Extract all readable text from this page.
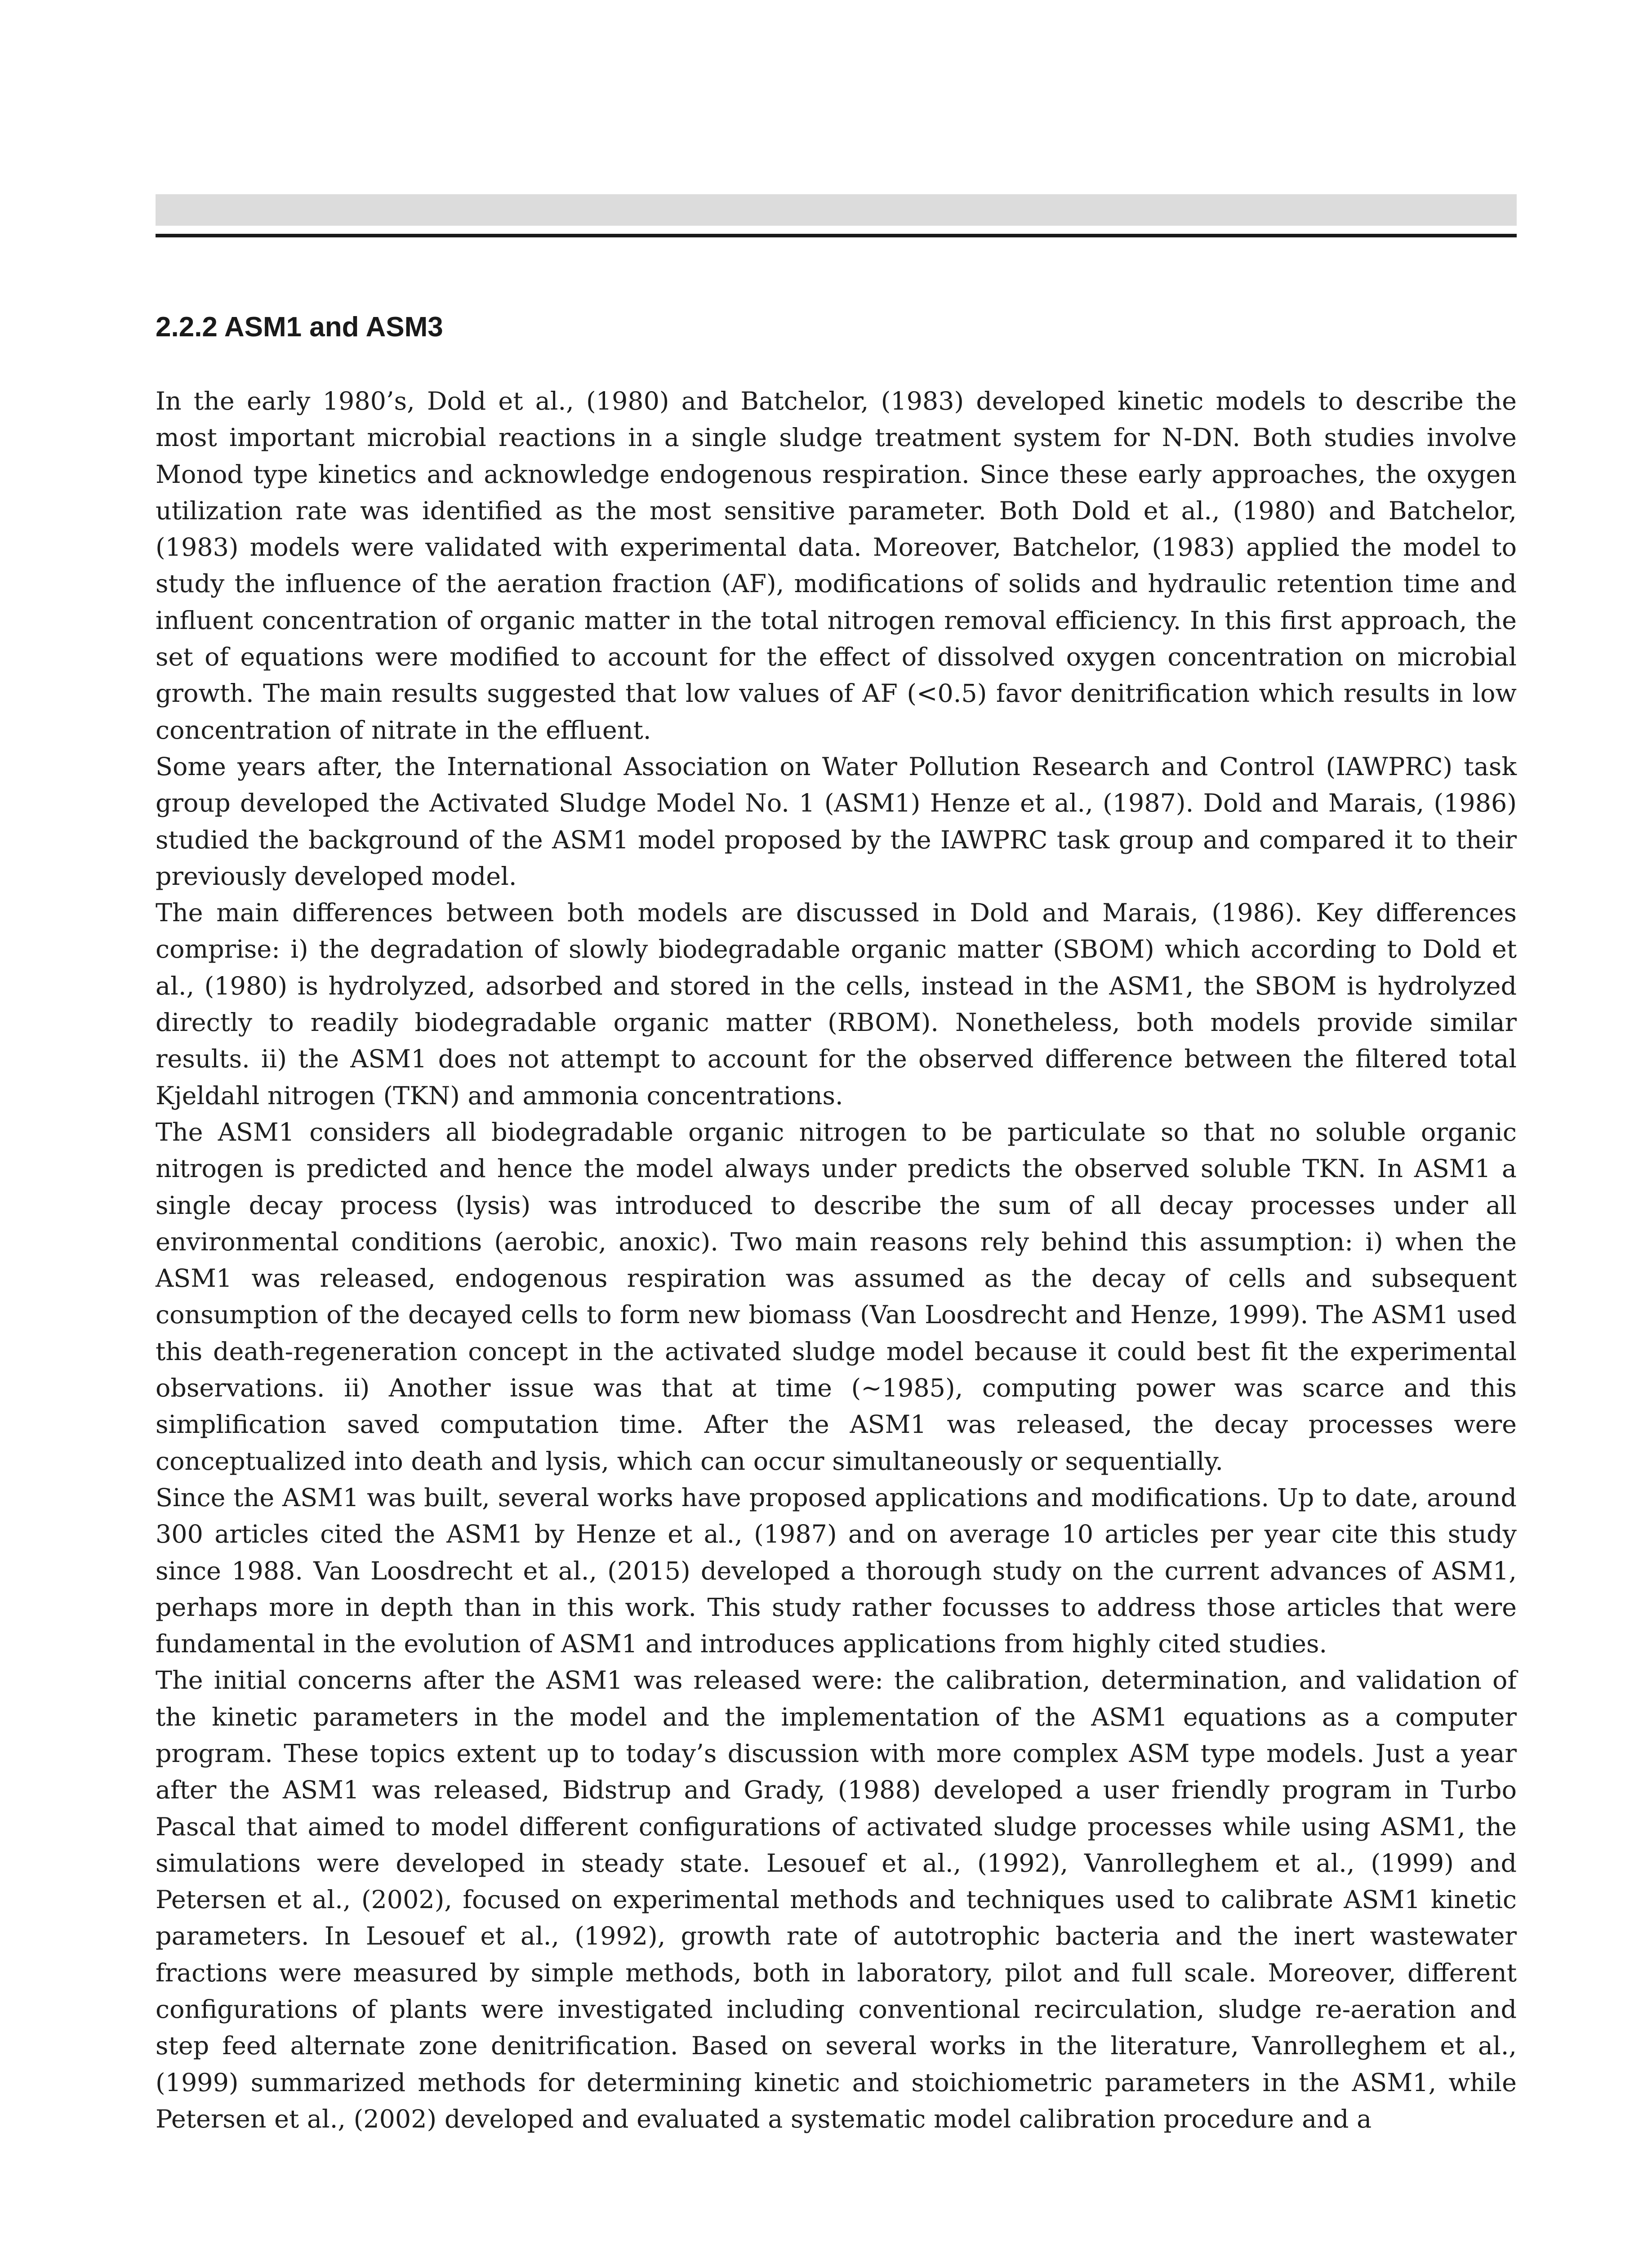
2.2.2 ASM1 and ASM3

In the early 1980’s, Dold et al., (1980) and Batchelor, (1983) developed kinetic models to describe the most important microbial reactions in a single sludge treatment system for N-DN. Both studies involve Monod type kinetics and acknowledge endogenous respiration. Since these early approaches, the oxygen utilization rate was identified as the most sensitive parameter. Both Dold et al., (1980) and Batchelor, (1983) models were validated with experimental data. Moreover, Batchelor, (1983) applied the model to study the influence of the aeration fraction (AF), modifications of solids and hydraulic retention time and influent concentration of organic matter in the total nitrogen removal efficiency. In this first approach, the set of equations were modified to account for the effect of dissolved oxygen concentration on microbial growth. The main results suggested that low values of AF (<0.5) favor denitrification which results in low concentration of nitrate in the effluent.

Some years after, the International Association on Water Pollution Research and Control (IAWPRC) task group developed the Activated Sludge Model No. 1 (ASM1) Henze et al., (1987). Dold and Marais, (1986) studied the background of the ASM1 model proposed by the IAWPRC task group and compared it to their previously developed model.

The main differences between both models are discussed in Dold and Marais, (1986). Key differences comprise: i) the degradation of slowly biodegradable organic matter (SBOM) which according to Dold et al., (1980) is hydrolyzed, adsorbed and stored in the cells, instead in the ASM1, the SBOM is hydrolyzed directly to readily biodegradable organic matter (RBOM). Nonetheless, both models provide similar results. ii) the ASM1 does not attempt to account for the observed difference between the filtered total Kjeldahl nitrogen (TKN) and ammonia concentrations.

The ASM1 considers all biodegradable organic nitrogen to be particulate so that no soluble organic nitrogen is predicted and hence the model always under predicts the observed soluble TKN. In ASM1 a single decay process (lysis) was introduced to describe the sum of all decay processes under all environmental conditions (aerobic, anoxic). Two main reasons rely behind this assumption: i) when the ASM1 was released, endogenous respiration was assumed as the decay of cells and subsequent consumption of the decayed cells to form new biomass (Van Loosdrecht and Henze, 1999). The ASM1 used this death-regeneration concept in the activated sludge model because it could best fit the experimental observations. ii) Another issue was that at time (∼1985), computing power was scarce and this simplification saved computation time. After the ASM1 was released, the decay processes were conceptualized into death and lysis, which can occur simultaneously or sequentially.

Since the ASM1 was built, several works have proposed applications and modifications. Up to date, around 300 articles cited the ASM1 by Henze et al., (1987) and on average 10 articles per year cite this study since 1988. Van Loosdrecht et al., (2015) developed a thorough study on the current advances of ASM1, perhaps more in depth than in this work. This study rather focusses to address those articles that were fundamental in the evolution of ASM1 and introduces applications from highly cited studies.

The initial concerns after the ASM1 was released were: the calibration, determination, and validation of the kinetic parameters in the model and the implementation of the ASM1 equations as a computer program. These topics extent up to today’s discussion with more complex ASM type models. Just a year after the ASM1 was released, Bidstrup and Grady, (1988) developed a user friendly program in Turbo Pascal that aimed to model different configurations of activated sludge processes while using ASM1, the simulations were developed in steady state. Lesouef et al., (1992), Vanrolleghem et al., (1999) and Petersen et al., (2002), focused on experimental methods and techniques used to calibrate ASM1 kinetic parameters. In Lesouef et al., (1992), growth rate of autotrophic bacteria and the inert wastewater fractions were measured by simple methods, both in laboratory, pilot and full scale. Moreover, different configurations of plants were investigated including conventional recirculation, sludge re-aeration and step feed alternate zone denitrification. Based on several works in the literature, Vanrolleghem et al., (1999) summarized methods for determining kinetic and stoichiometric parameters in the ASM1, while Petersen et al., (2002) developed and evaluated a systematic model calibration procedure and a
